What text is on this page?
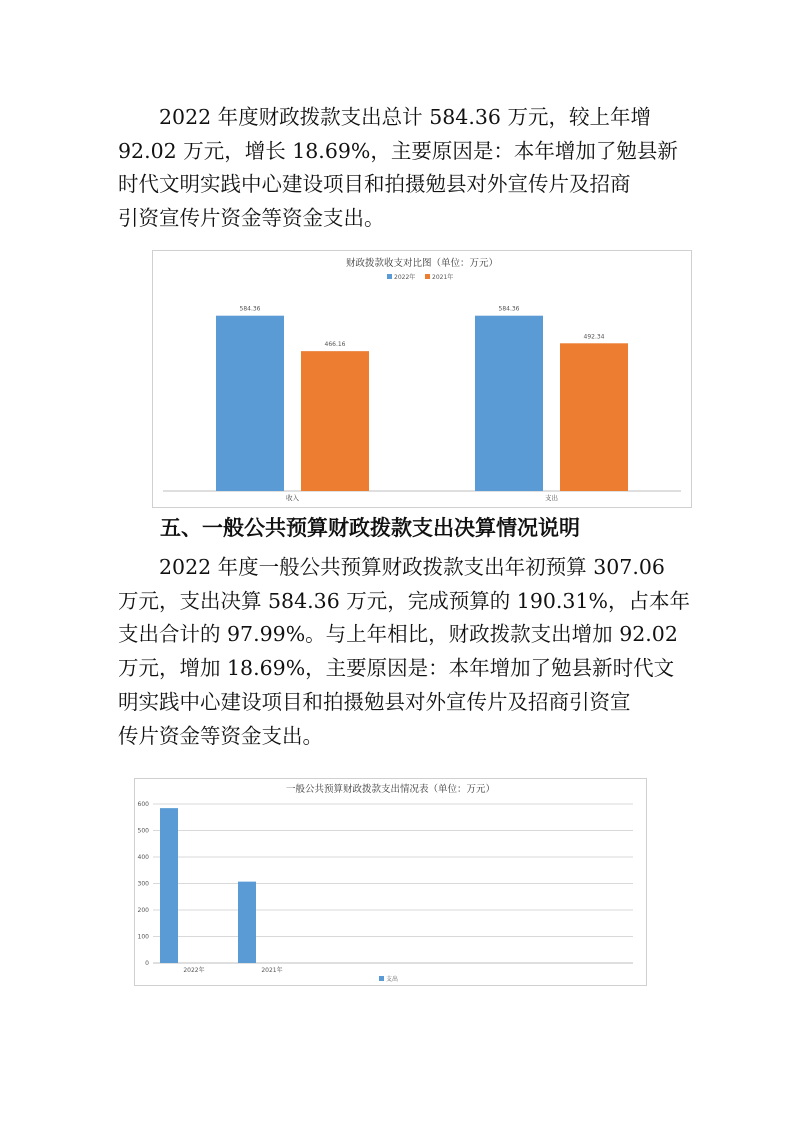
2022 年度财政拨款支出总计 584.36 万元，较上年增
92.02 万元，增长 18.69%，主要原因是：本年增加了勉县新
时代文明实践中心建设项目和拍摄勉县对外宣传片及招商
引资宣传片资金等资金支出。
财政拨款收支对比图（单位：万元）
2022年	2021年
584.36
466.16
收入
584.36
492.34
支出
五、一般公共预算财政拨款支出决算情况说明
2022 年度一般公共预算财政拨款支出年初预算 307.06
万元，支出决算 584.36 万元，完成预算的 190.31%，占本年
支出合计的 97.99%。与上年相比，财政拨款支出增加 92.02
万元，增加 18.69%，主要原因是：本年增加了勉县新时代文
明实践中心建设项目和拍摄勉县对外宣传片及招商引资宣
传片资金等资金支出。
一般公共预算财政拨款支出情况表（单位：万元）
0
100
200
300
400
500
600
2022年	2021年
支出
